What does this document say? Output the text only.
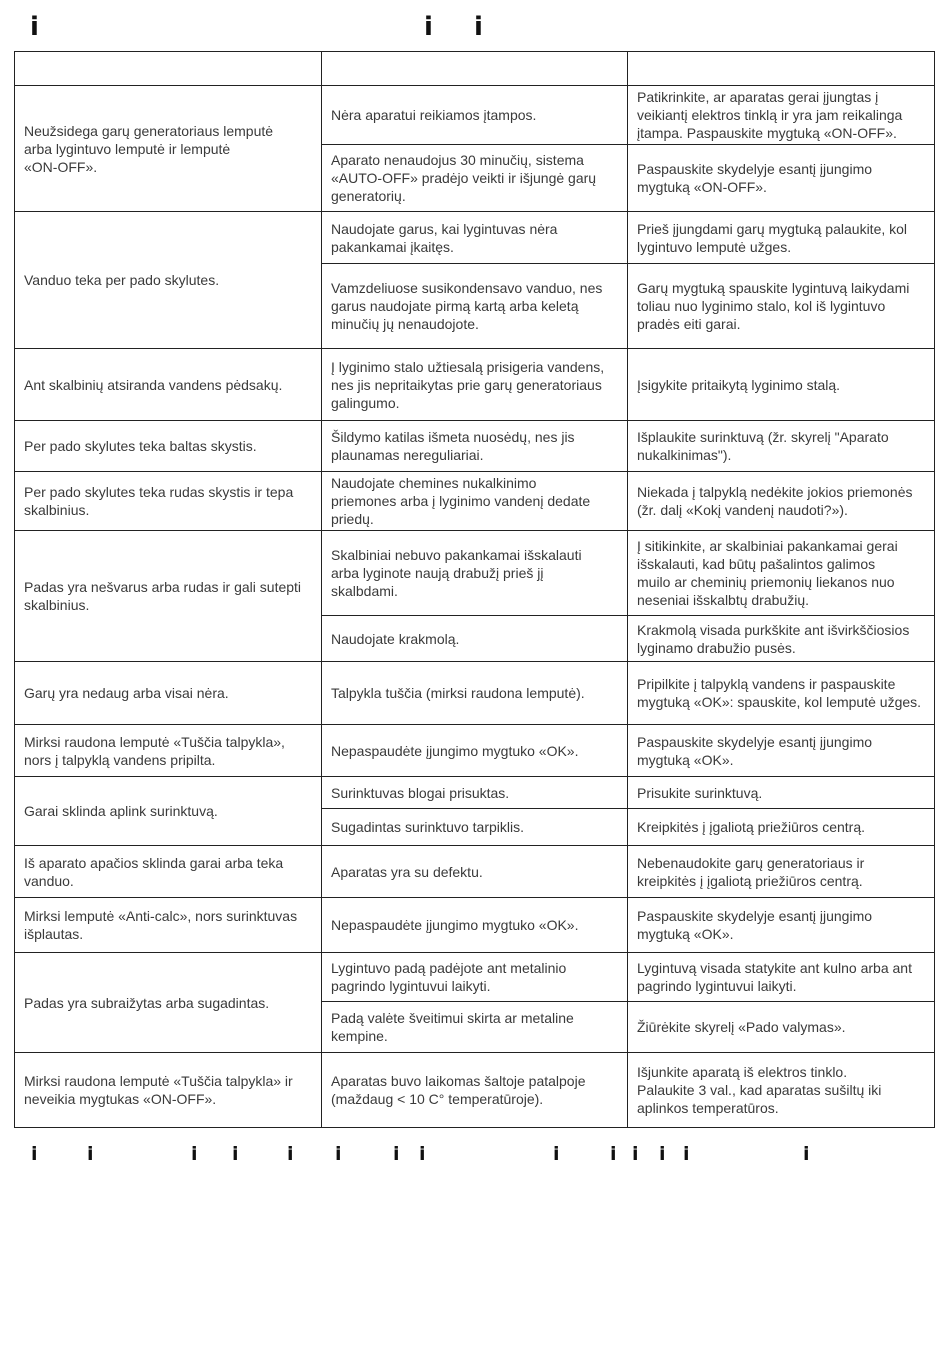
i	i i

Neužsidega garų generatoriaus lemputė
arba lygintuvo lemputė ir lemputė
«ON-OFF».	Nėra aparatui reikiamos įtampos.	Patikrinkite, ar aparatas gerai įjungtas į
veikiantį elektros tinklą ir yra jam reikalinga
įtampa. Paspauskite mygtuką «ON-OFF».
	Aparato nenaudojus 30 minučių, sistema
«AUTO-OFF» pradėjo veikti ir išjungė garų
generatorių.	Paspauskite skydelyje esantį įjungimo
mygtuką «ON-OFF».
Vanduo teka per pado skylutes.	Naudojate garus, kai lygintuvas nėra
pakankamai įkaitęs.	Prieš įjungdami garų mygtuką palaukite, kol
lygintuvo lemputė užges.
	Vamzdeliuose susikondensavo vanduo, nes
garus naudojate pirmą kartą arba keletą
minučių jų nenaudojote.	Garų mygtuką spauskite lygintuvą laikydami
toliau nuo lyginimo stalo, kol iš lygintuvo
pradės eiti garai.
Ant skalbinių atsiranda vandens pėdsakų.	Į lyginimo stalo užtiesalą prisigeria vandens,
nes jis nepritaikytas prie garų generatoriaus
galingumo.	Įsigykite pritaikytą lyginimo stalą.
Per pado skylutes teka baltas skystis.	Šildymo katilas išmeta nuosėdų, nes jis
plaunamas nereguliariai.	Išplaukite surinktuvą (žr. skyrelį "Aparato
nukalkinimas").
Per pado skylutes teka rudas skystis ir tepa
skalbinius.	Naudojate chemines nukalkinimo
priemones arba į lyginimo vandenį dedate
priedų.	Niekada į talpyklą nedėkite jokios priemonės
(žr. dalį «Kokį vandenį naudoti?»).
Padas yra nešvarus arba rudas ir gali sutepti
skalbinius.	Skalbiniai nebuvo pakankamai išskalauti
arba lyginote naują drabužį prieš jį
skalbdami.	Į sitikinkite, ar skalbiniai pakankamai gerai
išskalauti, kad būtų pašalintos galimos
muilo ar cheminių priemonių liekanos nuo
neseniai išskalbtų drabužių.
	Naudojate krakmolą.	Krakmolą visada purkškite ant išvirkščiosios
lyginamo drabužio pusės.
Garų yra nedaug arba visai nėra.	Talpykla tuščia (mirksi raudona lemputė).	Pripilkite į talpyklą vandens ir paspauskite
mygtuką «OK»: spauskite, kol lemputė užges.
Mirksi raudona lemputė «Tuščia talpykla»,
nors į talpyklą vandens pripilta.	Nepaspaudėte įjungimo mygtuko «OK».	Paspauskite skydelyje esantį įjungimo
mygtuką «OK».
Garai sklinda aplink surinktuvą.	Surinktuvas blogai prisuktas.	Prisukite surinktuvą.
	Sugadintas surinktuvo tarpiklis.	Kreipkitės į įgaliotą priežiūros centrą.
Iš aparato apačios sklinda garai arba teka
vanduo.	Aparatas yra su defektu.	Nebenaudokite garų generatoriaus ir
kreipkitės į įgaliotą priežiūros centrą.
Mirksi lemputė «Anti-calc», nors surinktuvas
išplautas.	Nepaspaudėte įjungimo mygtuko «OK».	Paspauskite skydelyje esantį įjungimo
mygtuką «OK».
Padas yra subraižytas arba sugadintas.	Lygintuvo padą padėjote ant metalinio
pagrindo lygintuvui laikyti.	Lygintuvą visada statykite ant kulno arba ant
pagrindo lygintuvui laikyti.
	Padą valėte šveitimui skirta ar metaline
kempine.	Žiūrėkite skyrelį «Pado valymas».
Mirksi raudona lemputė «Tuščia talpykla» ir
neveikia mygtukas «ON-OFF».	Aparatas buvo laikomas šaltoje patalpoje
(maždaug < 10 C° temperatūroje).	Išjunkite aparatą iš elektros tinklo.
Palaukite 3 val., kad aparatas sušiltų iki
aplinkos temperatūros.
i	i	i i	i i	i i	i	i i i i	i
